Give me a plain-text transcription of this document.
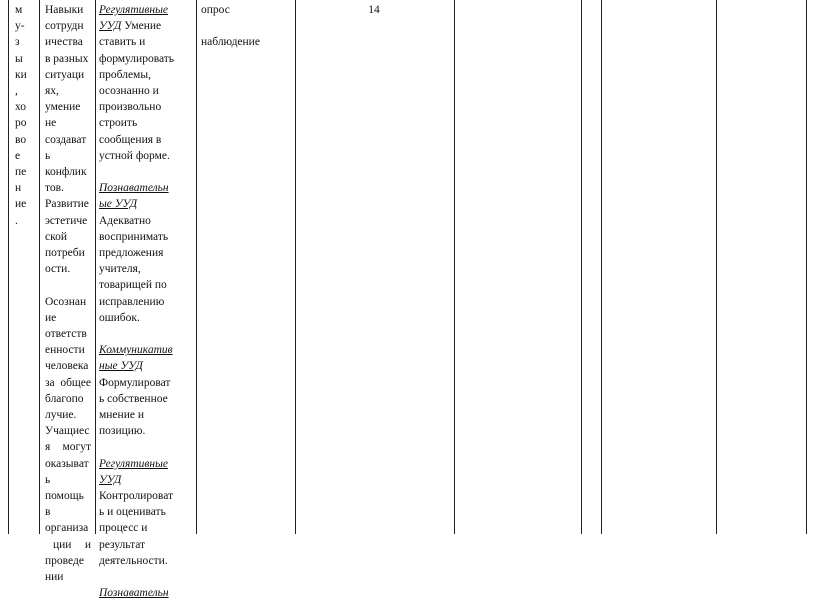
м
у-
з
ы
ки
,
хо
ро
во
е
пе
н
ие
.
Навыки
сотрудн
ичества
в разных
ситуаци
ях,
умение
не
создават
ь
конфлик
тов.
Развитие
эстетиче
ской
потреби
ости.
Осознан
ие
ответств
енности
человека
за общее
благопо
лучие.
Учащиес
я могут
оказыват
ь
помощь
в
организа
ции и
проведе
нии
Регулятивные
УУД Умение
ставить и
формулировать
проблемы,
осознанно и
произвольно
строить
сообщения в
устной форме.
Познавательн
ые УУД
Адекватно
воспринимать
предложения
учителя,
товарищей по
исправлению
ошибок.
Коммуникатив
ные УУД
Формулироват
ь собственное
мнение и
позицию.
Регулятивные
УУД
Контролироват
ь и оценивать
процесс и
результат
деятельности.
Познавательн
опрос
наблюдение
14
